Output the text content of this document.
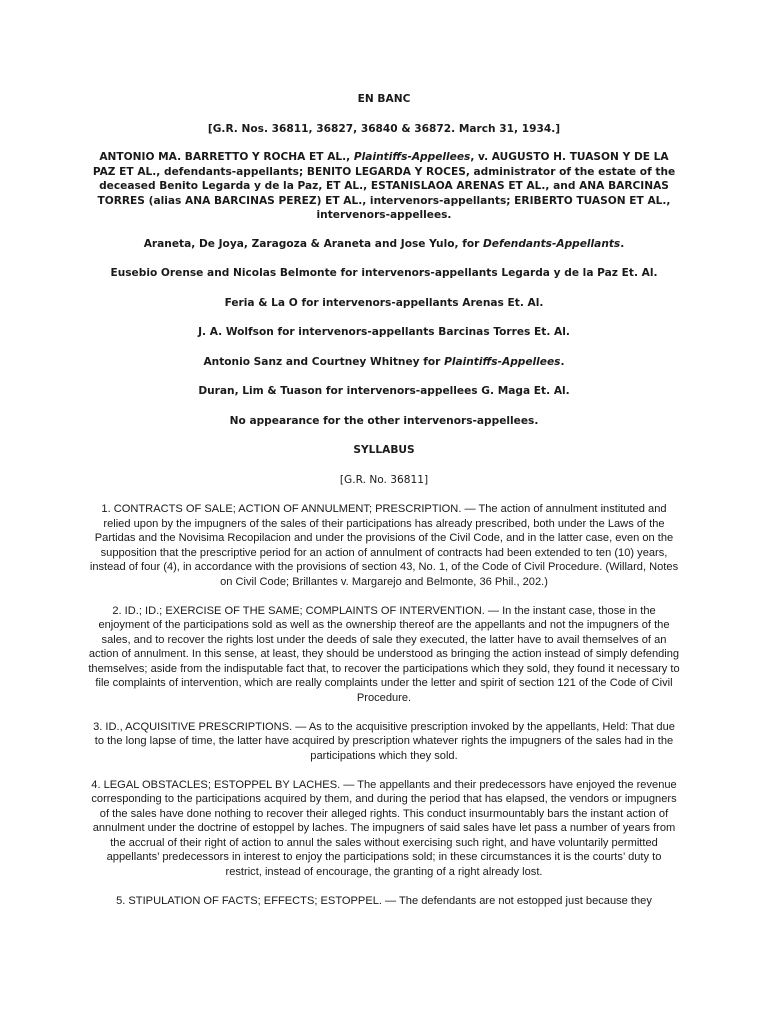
EN BANC
[G.R. Nos. 36811, 36827, 36840 & 36872. March 31, 1934.]
ANTONIO MA. BARRETTO Y ROCHA ET AL., Plaintiffs-Appellees, v. AUGUSTO H. TUASON Y DE LA PAZ ET AL., defendants-appellants; BENITO LEGARDA Y ROCES, administrator of the estate of the deceased Benito Legarda y de la Paz, ET AL., ESTANISLAOA ARENAS ET AL., and ANA BARCINAS TORRES (alias ANA BARCINAS PEREZ) ET AL., intervenors-appellants; ERIBERTO TUASON ET AL., intervenors-appellees.
Araneta, De Joya, Zaragoza & Araneta and Jose Yulo, for Defendants-Appellants.
Eusebio Orense and Nicolas Belmonte for intervenors-appellants Legarda y de la Paz Et. Al.
Feria & La O for intervenors-appellants Arenas Et. Al.
J. A. Wolfson for intervenors-appellants Barcinas Torres Et. Al.
Antonio Sanz and Courtney Whitney for Plaintiffs-Appellees.
Duran, Lim & Tuason for intervenors-appellees G. Maga Et. Al.
No appearance for the other intervenors-appellees.
SYLLABUS
[G.R. No. 36811]

1. CONTRACTS OF SALE; ACTION OF ANNULMENT; PRESCRIPTION. — The action of annulment instituted and relied upon by the impugners of the sales of their participations has already prescribed, both under the Laws of the Partidas and the Novisima Recopilacion and under the provisions of the Civil Code, and in the latter case, even on the supposition that the prescriptive period for an action of annulment of contracts had been extended to ten (10) years, instead of four (4), in accordance with the provisions of section 43, No. 1, of the Code of Civil Procedure. (Willard, Notes on Civil Code; Brillantes v. Margarejo and Belmonte, 36 Phil., 202.)

2. ID.; ID.; EXERCISE OF THE SAME; COMPLAINTS OF INTERVENTION. — In the instant case, those in the enjoyment of the participations sold as well as the ownership thereof are the appellants and not the impugners of the sales, and to recover the rights lost under the deeds of sale they executed, the latter have to avail themselves of an action of annulment. In this sense, at least, they should be understood as bringing the action instead of simply defending themselves; aside from the indisputable fact that, to recover the participations which they sold, they found it necessary to file complaints of intervention, which are really complaints under the letter and spirit of section 121 of the Code of Civil Procedure.

3. ID., ACQUISITIVE PRESCRIPTIONS. — As to the acquisitive prescription invoked by the appellants, Held: That due to the long lapse of time, the latter have acquired by prescription whatever rights the impugners of the sales had in the participations which they sold.

4. LEGAL OBSTACLES; ESTOPPEL BY LACHES. — The appellants and their predecessors have enjoyed the revenue corresponding to the participations acquired by them, and during the period that has elapsed, the vendors or impugners of the sales have done nothing to recover their alleged rights. This conduct insurmountably bars the instant action of annulment under the doctrine of estoppel by laches. The impugners of said sales have let pass a number of years from the accrual of their right of action to annul the sales without exercising such right, and have voluntarily permitted appellants’ predecessors in interest to enjoy the participations sold; in these circumstances it is the courts’ duty to restrict, instead of encourage, the granting of a right already lost.

5. STIPULATION OF FACTS; EFFECTS; ESTOPPEL. — The defendants are not estopped just because they
